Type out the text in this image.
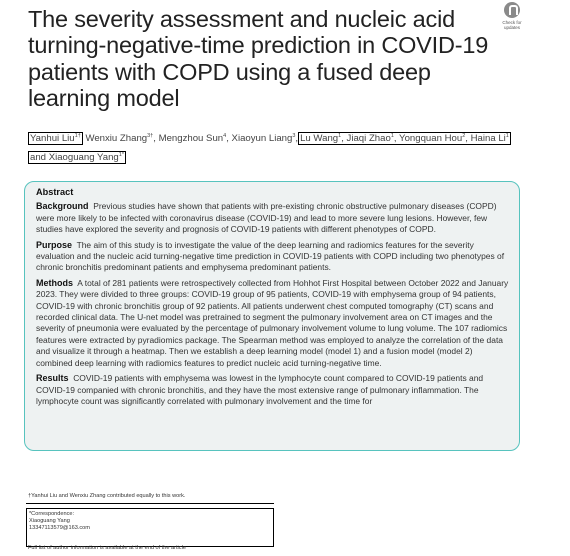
The severity assessment and nucleic acid turning-negative-time prediction in COVID-19 patients with COPD using a fused deep learning model
Check for updates
Yanhui Liu$^{1\dagger}$ Wenxiu Zhang$^{3\dagger}$, Mengzhou Sun$^4$, Xiaoyun Liang$^3$, Lu Wang$^1$, Jiaqi Zhao$^1$, Yongquan Hou$^2$, Haina Li$^1$
and Xiaoguang Yang$^{1*}$
Abstract

Background Previous studies have shown that patients with pre-existing chronic obstructive pulmonary diseases (COPD) were more likely to be infected with coronavirus disease (COVID-19) and lead to more severe lung lesions. However, few studies have explored the severity and prognosis of COVID-19 patients with different phenotypes of COPD.

Purpose The aim of this study is to investigate the value of the deep learning and radiomics features for the severity evaluation and the nucleic acid turning-negative time prediction in COVID-19 patients with COPD including two phenotypes of chronic bronchitis predominant patients and emphysema predominant patients.

Methods A total of 281 patients were retrospectively collected from Hohhot First Hospital between October 2022 and January 2023. They were divided to three groups: COVID-19 group of 95 patients, COVID-19 with emphysema group of 94 patients, COVID-19 with chronic bronchitis group of 92 patients. All patients underwent chest computed tomography (CT) scans and recorded clinical data. The U-net model was pretrained to segment the pulmonary involvement area on CT images and the severity of pneumonia were evaluated by the percentage of pulmonary involvement volume to lung volume. The 107 radiomics features were extracted by pyradiomics package. The Spearman method was employed to analyze the correlation of the data and visualize it through a heatmap. Then we establish a deep learning model (model 1) and a fusion model (model 2) combined deep learning with radiomics features to predict nucleic acid turning-negative time.

Results COVID-19 patients with emphysema was lowest in the lymphocyte count compared to COVID-19 patients and COVID-19 companied with chronic bronchitis, and they have the most extensive range of pulmonary inflammation. The lymphocyte count was significantly correlated with pulmonary involvement and the time for

†Yanhui Liu and Wenxiu Zhang contributed equally to this work.
*Correspondence:
Xiaoguang Yang
13347113579@163.com
Full list of author information is available at the end of the article
